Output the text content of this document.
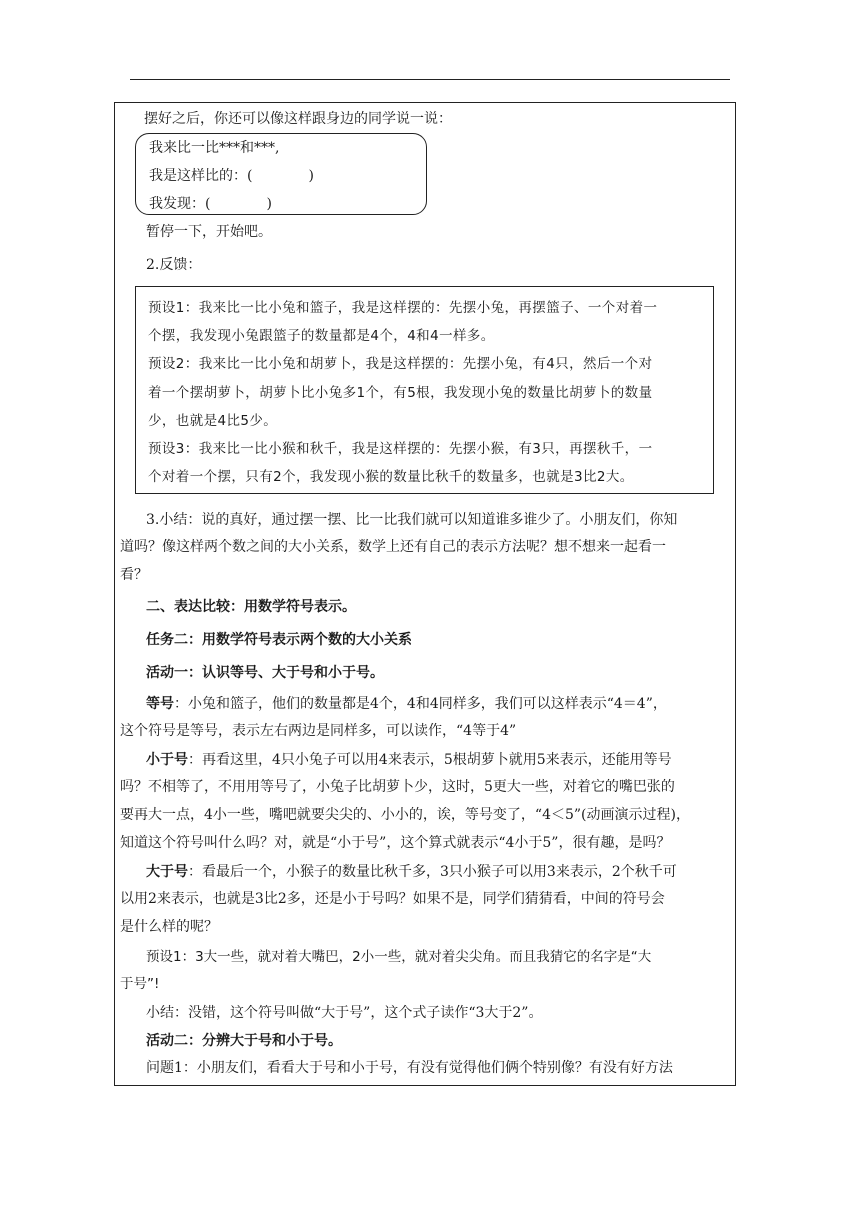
摆好之后，你还可以像这样跟身边的同学说一说：
我来比一比***和***,
我是这样比的：(　　　　)
我发现：(　　　　)
暂停一下，开始吧。
2.反馈：
预设1：我来比一比小兔和篮子，我是这样摆的：先摆小兔，再摆篮子、一个对着一
个摆，我发现小兔跟篮子的数量都是4个，4和4一样多。
预设2：我来比一比小兔和胡萝卜，我是这样摆的：先摆小兔，有4只，然后一个对
着一个摆胡萝卜，胡萝卜比小兔多1个，有5根，我发现小兔的数量比胡萝卜的数量
少，也就是4比5少。
预设3：我来比一比小猴和秋千，我是这样摆的：先摆小猴，有3只，再摆秋千，一
个对着一个摆，只有2个，我发现小猴的数量比秋千的数量多，也就是3比2大。
3.小结：说的真好，通过摆一摆、比一比我们就可以知道谁多谁少了。小朋友们，你知
道吗？像这样两个数之间的大小关系，数学上还有自己的表示方法呢？想不想来一起看一
看？
二、表达比较：用数学符号表示。
任务二：用数学符号表示两个数的大小关系
活动一：认识等号、大于号和小于号。
等号：小兔和篮子，他们的数量都是4个，4和4同样多，我们可以这样表示“4＝4”，
这个符号是等号，表示左右两边是同样多，可以读作，“4等于4”
小于号：再看这里，4只小兔子可以用4来表示，5根胡萝卜就用5来表示，还能用等号
吗？不相等了，不用用等号了，小兔子比胡萝卜少，这时，5更大一些，对着它的嘴巴张的
要再大一点，4小一些，嘴吧就要尖尖的、小小的，诶，等号变了，“4＜5”(动画演示过程)，
知道这个符号叫什么吗？对，就是“小于号”，这个算式就表示“4小于5”，很有趣，是吗？
大于号：看最后一个，小猴子的数量比秋千多，3只小猴子可以用3来表示，2个秋千可
以用2来表示，也就是3比2多，还是小于号吗？如果不是，同学们猜猜看，中间的符号会
是什么样的呢？
预设1：3大一些，就对着大嘴巴，2小一些，就对着尖尖角。而且我猜它的名字是“大
于号”!
小结：没错，这个符号叫做“大于号”，这个式子读作“3大于2”。
活动二：分辨大于号和小于号。
问题1：小朋友们，看看大于号和小于号，有没有觉得他们俩个特别像？有没有好方法
